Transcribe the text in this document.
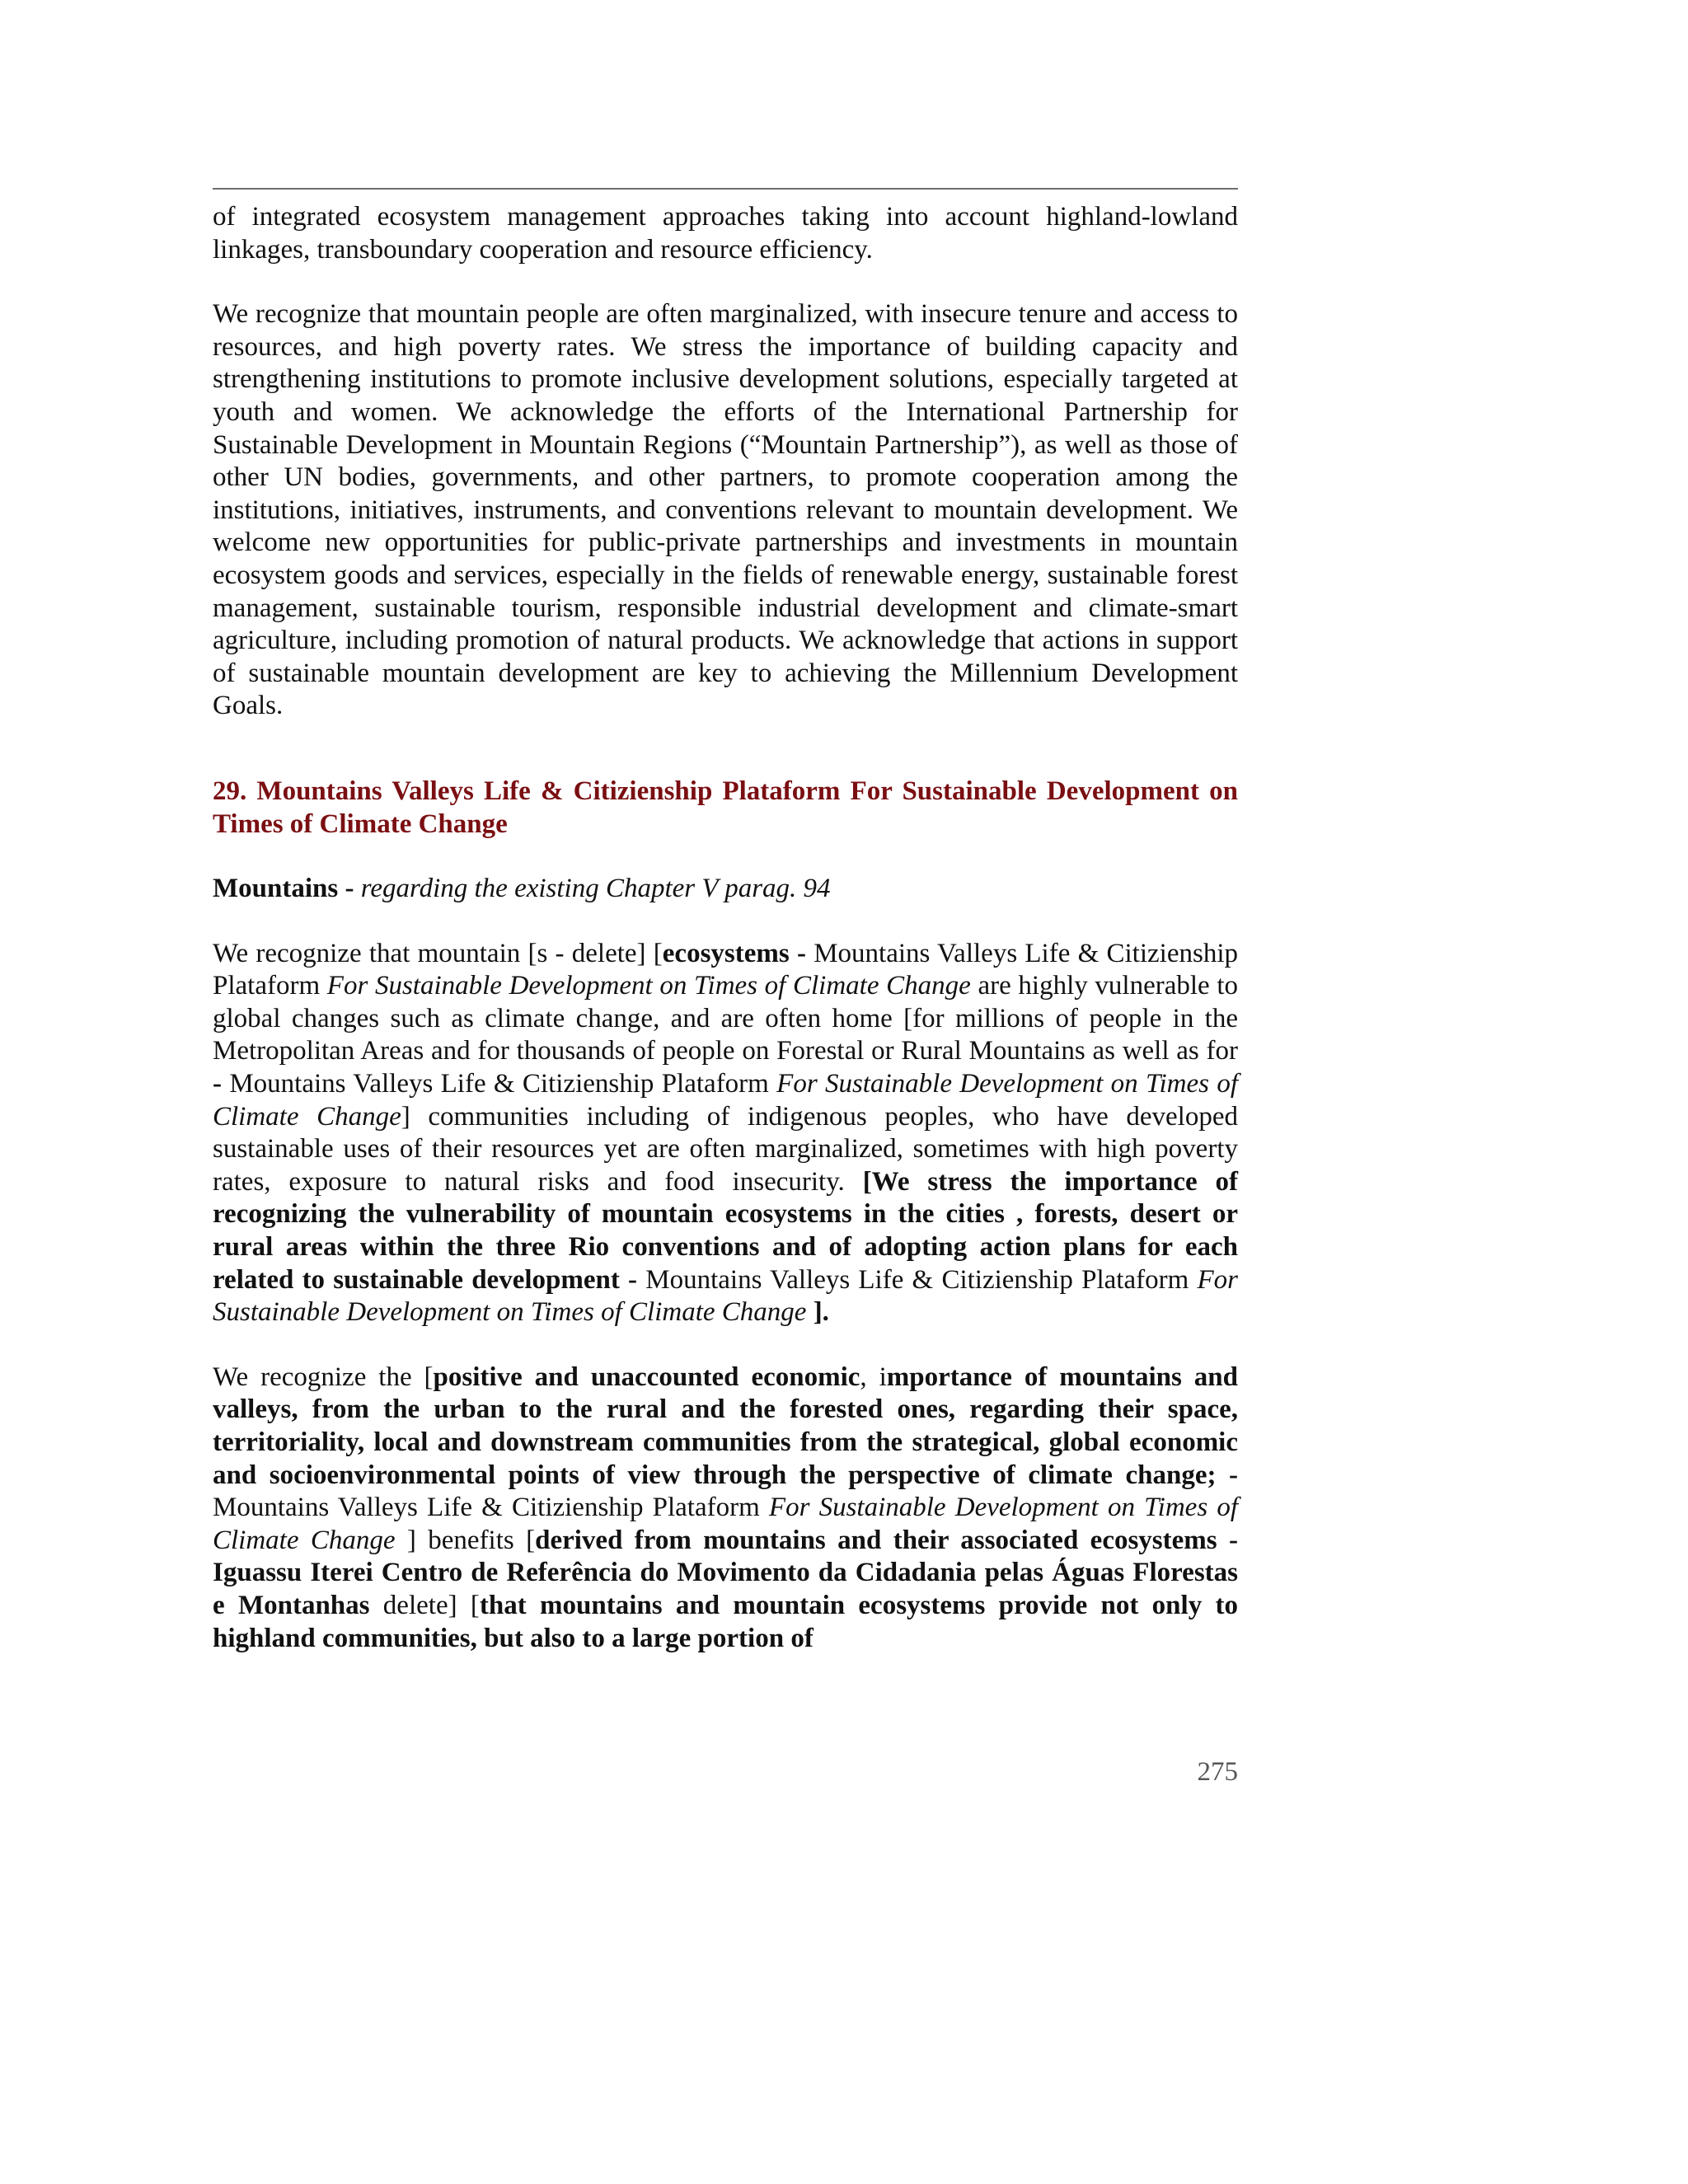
of integrated ecosystem management approaches taking into account highland-lowland linkages, transboundary cooperation and resource efficiency.

We recognize that mountain people are often marginalized, with insecure tenure and access to resources, and high poverty rates. We stress the importance of building capacity and strengthening institutions to promote inclusive development solutions, especially targeted at youth and women. We acknowledge the efforts of the International Partnership for Sustainable Development in Mountain Regions (“Mountain Partnership”), as well as those of other UN bodies, governments, and other partners, to promote cooperation among the institutions, initiatives, instruments, and conventions relevant to mountain development. We welcome new opportunities for public-private partnerships and investments in mountain ecosystem goods and services, especially in the fields of renewable energy, sustainable forest management, sustainable tourism, responsible industrial development and climate-smart agriculture, including promotion of natural products. We acknowledge that actions in support of sustainable mountain development are key to achieving the Millennium Development Goals.

29. Mountains Valleys Life & Citizienship Plataform For Sustainable Development on Times of Climate Change

Mountains - regarding the existing Chapter V parag. 94

We recognize that mountain [s - delete] [ecosystems - Mountains Valleys Life & Citizienship Plataform For Sustainable Development on Times of Climate Change are highly vulnerable to global changes such as climate change, and are often home [for millions of people in the Metropolitan Areas and for thousands of people on Forestal or Rural Mountains as well as for - Mountains Valleys Life & Citizienship Plataform For Sustainable Development on Times of Climate Change] communities including of indigenous peoples, who have developed sustainable uses of their resources yet are often marginalized, sometimes with high poverty rates, exposure to natural risks and food insecurity. [We stress the importance of recognizing the vulnerability of mountain ecosystems in the cities , forests, desert or rural areas within the three Rio conventions and of adopting action plans for each related to sustainable development - Mountains Valleys Life & Citizienship Plataform For Sustainable Development on Times of Climate Change ].

We recognize the [positive and unaccounted economic, importance of mountains and valleys, from the urban to the rural and the forested ones, regarding their space, territoriality, local and downstream communities from the strategical, global economic and socioenvironmental points of view through the perspective of climate change; - Mountains Valleys Life & Citizienship Plataform For Sustainable Development on Times of Climate Change ] benefits [derived from mountains and their associated ecosystems - Iguassu Iterei Centro de Referência do Movimento da Cidadania pelas Águas Florestas e Montanhas delete] [that mountains and mountain ecosystems provide not only to highland communities, but also to a large portion of

275
